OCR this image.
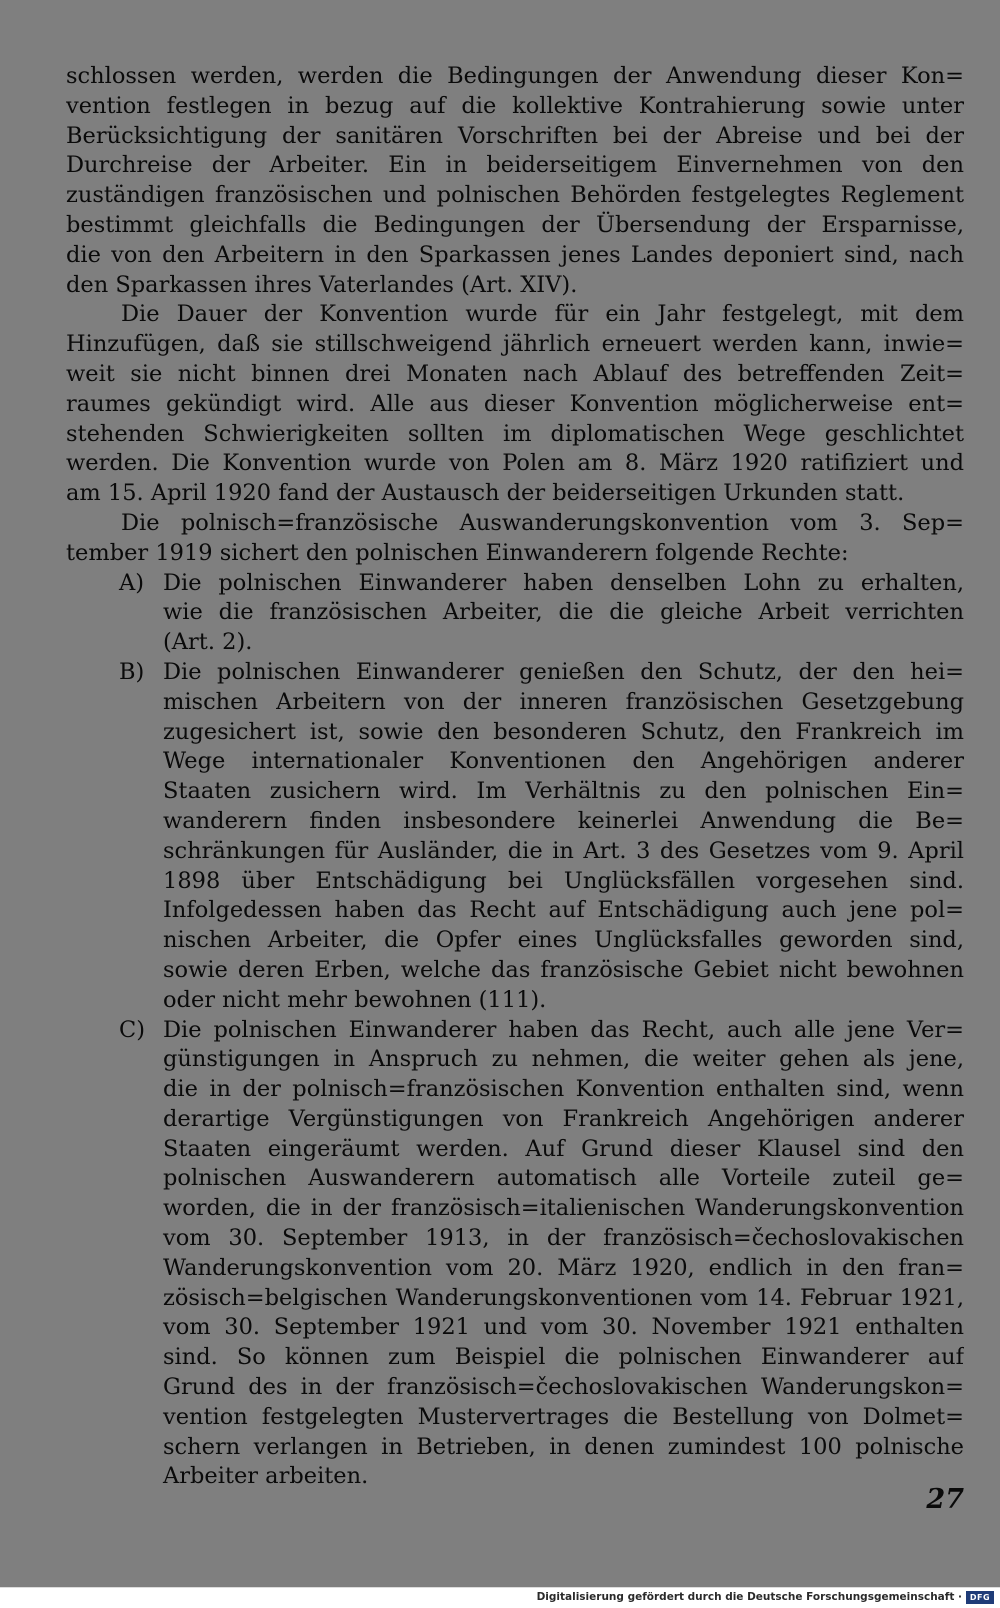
schlossen werden, werden die Bedingungen der Anwendung dieser Kon=
vention festlegen in bezug auf die kollektive Kontrahierung sowie unter
Berücksichtigung der sanitären Vorschriften bei der Abreise und bei der
Durchreise der Arbeiter. Ein in beiderseitigem Einvernehmen von den
zuständigen französischen und polnischen Behörden festgelegtes Reglement
bestimmt gleichfalls die Bedingungen der Übersendung der Ersparnisse,
die von den Arbeitern in den Sparkassen jenes Landes deponiert sind, nach
den Sparkassen ihres Vaterlandes (Art. XIV).
Die Dauer der Konvention wurde für ein Jahr festgelegt, mit dem
Hinzufügen, daß sie stillschweigend jährlich erneuert werden kann, inwie=
weit sie nicht binnen drei Monaten nach Ablauf des betreffenden Zeit=
raumes gekündigt wird. Alle aus dieser Konvention möglicherweise ent=
stehenden Schwierigkeiten sollten im diplomatischen Wege geschlichtet
werden. Die Konvention wurde von Polen am 8. März 1920 ratifiziert und
am 15. April 1920 fand der Austausch der beiderseitigen Urkunden statt.
Die polnisch=französische Auswanderungskonvention vom 3. Sep=
tember 1919 sichert den polnischen Einwanderern folgende Rechte:
A) Die polnischen Einwanderer haben denselben Lohn zu erhalten,
wie die französischen Arbeiter, die die gleiche Arbeit verrichten
(Art. 2).
B) Die polnischen Einwanderer genießen den Schutz, der den hei=
mischen Arbeitern von der inneren französischen Gesetzgebung
zugesichert ist, sowie den besonderen Schutz, den Frankreich im
Wege internationaler Konventionen den Angehörigen anderer
Staaten zusichern wird. Im Verhältnis zu den polnischen Ein=
wanderern finden insbesondere keinerlei Anwendung die Be=
schränkungen für Ausländer, die in Art. 3 des Gesetzes vom 9. April
1898 über Entschädigung bei Unglücksfällen vorgesehen sind.
Infolgedessen haben das Recht auf Entschädigung auch jene pol=
nischen Arbeiter, die Opfer eines Unglücksfalles geworden sind,
sowie deren Erben, welche das französische Gebiet nicht bewohnen
oder nicht mehr bewohnen (111).
C) Die polnischen Einwanderer haben das Recht, auch alle jene Ver=
günstigungen in Anspruch zu nehmen, die weiter gehen als jene,
die in der polnisch=französischen Konvention enthalten sind, wenn
derartige Vergünstigungen von Frankreich Angehörigen anderer
Staaten eingeräumt werden. Auf Grund dieser Klausel sind den
polnischen Auswanderern automatisch alle Vorteile zuteil ge=
worden, die in der französisch=italienischen Wanderungskonvention
vom 30. September 1913, in der französisch=čechoslovakischen
Wanderungskonvention vom 20. März 1920, endlich in den fran=
zösisch=belgischen Wanderungskonventionen vom 14. Februar 1921,
vom 30. September 1921 und vom 30. November 1921 enthalten
sind. So können zum Beispiel die polnischen Einwanderer auf
Grund des in der französisch=čechoslovakischen Wanderungskon=
vention festgelegten Mustervertrages die Bestellung von Dolmet=
schern verlangen in Betrieben, in denen zumindest 100 polnische
Arbeiter arbeiten.
27
Digitalisierung gefördert durch die Deutsche Forschungsgemeinschaft · DFG
